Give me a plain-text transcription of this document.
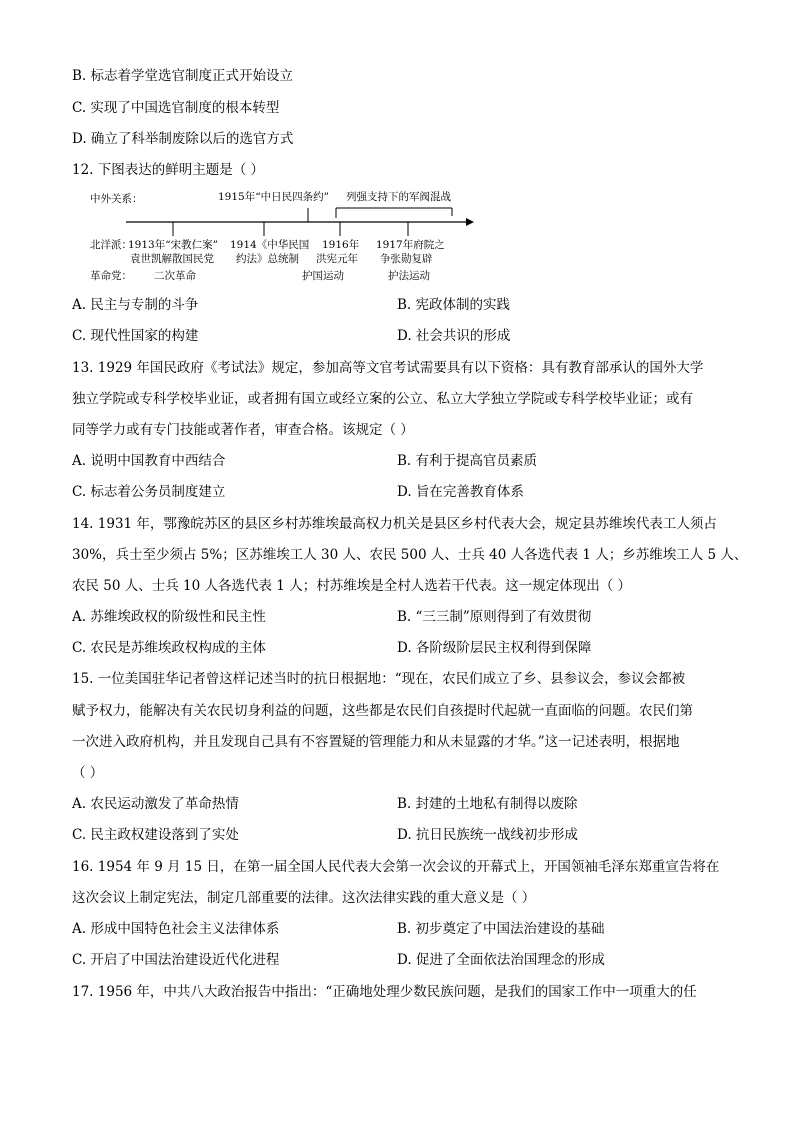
B. 标志着学堂选官制度正式开始设立
C. 实现了中国选官制度的根本转型
D. 确立了科举制废除以后的选官方式
12. 下图表达的鲜明主题是（ ）
中外关系：	1915年“中日民四条约” 列强支持下的军阀混战
北洋派：
1913年“宋教仁案”
袁世凯解散国民党
1914《中华民国
约法》总统制
1916年
洪宪元年
1917年府院之
争张勋复辟
革命党： 二次革命	护国运动	护法运动
A. 民主与专制的斗争	B. 宪政体制的实践
C. 现代性国家的构建	D. 社会共识的形成
13. 1929 年国民政府《考试法》规定，参加高等文官考试需要具有以下资格：具有教育部承认的国外大学
独立学院或专科学校毕业证，或者拥有国立或经立案的公立、私立大学独立学院或专科学校毕业证；或有
同等学力或有专门技能或著作者，审查合格。该规定（ ）
A. 说明中国教育中西结合	B. 有利于提高官员素质
C. 标志着公务员制度建立	D. 旨在完善教育体系
14. 1931 年，鄂豫皖苏区的县区乡村苏维埃最高权力机关是县区乡村代表大会，规定县苏维埃代表工人须占
30%，兵士至少须占 5%；区苏维埃工人 30 人、农民 500 人、士兵 40 人各选代表 1 人；乡苏维埃工人 5 人、
农民 50 人、士兵 10 人各选代表 1 人；村苏维埃是全村人选若干代表。这一规定体现出（ ）
A. 苏维埃政权的阶级性和民主性	B. “三三制”原则得到了有效贯彻
C. 农民是苏维埃政权构成的主体	D. 各阶级阶层民主权利得到保障
15. 一位美国驻华记者曾这样记述当时的抗日根据地：“现在，农民们成立了乡、县参议会，参议会都被
赋予权力，能解决有关农民切身利益的问题，这些都是农民们自孩提时代起就一直面临的问题。农民们第
一次进入政府机构，并且发现自己具有不容置疑的管理能力和从未显露的才华。”这一记述表明，根据地
（ ）
A. 农民运动激发了革命热情	B. 封建的土地私有制得以废除
C. 民主政权建设落到了实处	D. 抗日民族统一战线初步形成
16. 1954 年 9 月 15 日，在第一届全国人民代表大会第一次会议的开幕式上，开国领袖毛泽东郑重宣告将在
这次会议上制定宪法，制定几部重要的法律。这次法律实践的重大意义是（ ）
A. 形成中国特色社会主义法律体系	B. 初步奠定了中国法治建设的基础
C. 开启了中国法治建设近代化进程	D. 促进了全面依法治国理念的形成
17. 1956 年，中共八大政治报告中指出：“正确地处理少数民族问题，是我们的国家工作中一项重大的任
